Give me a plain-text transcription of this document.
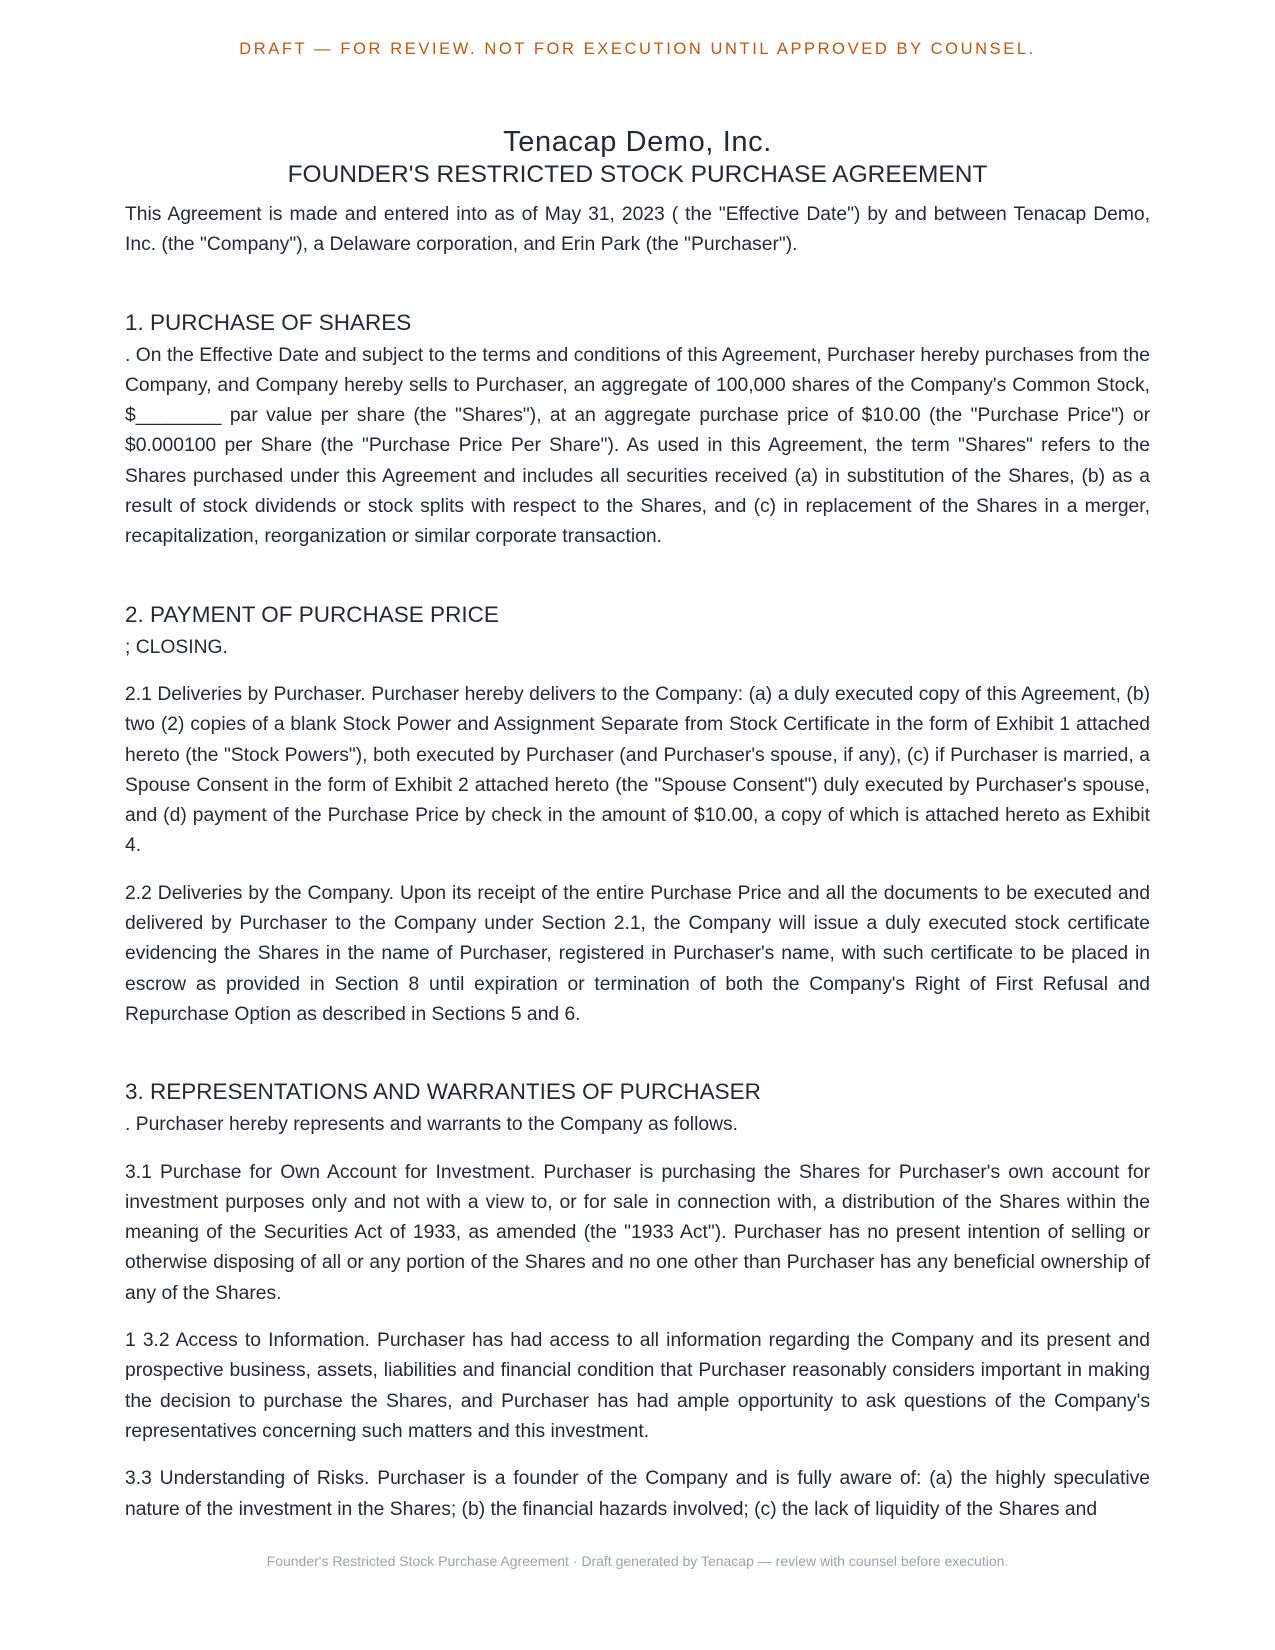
DRAFT — FOR REVIEW. NOT FOR EXECUTION UNTIL APPROVED BY COUNSEL.
Tenacap Demo, Inc.
FOUNDER'S RESTRICTED STOCK PURCHASE AGREEMENT

This Agreement is made and entered into as of May 31, 2023 ( the "Effective Date") by and between Tenacap Demo, Inc. (the "Company"), a Delaware corporation, and Erin Park (the "Purchaser").

1. PURCHASE OF SHARES

. On the Effective Date and subject to the terms and conditions of this Agreement, Purchaser hereby purchases from the Company, and Company hereby sells to Purchaser, an aggregate of 100,000 shares of the Company's Common Stock, $________ par value per share (the "Shares"), at an aggregate purchase price of $10.00 (the "Purchase Price") or $0.000100 per Share (the "Purchase Price Per Share"). As used in this Agreement, the term "Shares" refers to the Shares purchased under this Agreement and includes all securities received (a) in substitution of the Shares, (b) as a result of stock dividends or stock splits with respect to the Shares, and (c) in replacement of the Shares in a merger, recapitalization, reorganization or similar corporate transaction.

2. PAYMENT OF PURCHASE PRICE

; CLOSING.

2.1 Deliveries by Purchaser. Purchaser hereby delivers to the Company: (a) a duly executed copy of this Agreement, (b) two (2) copies of a blank Stock Power and Assignment Separate from Stock Certificate in the form of Exhibit 1 attached hereto (the "Stock Powers"), both executed by Purchaser (and Purchaser's spouse, if any), (c) if Purchaser is married, a Spouse Consent in the form of Exhibit 2 attached hereto (the "Spouse Consent") duly executed by Purchaser's spouse, and (d) payment of the Purchase Price by check in the amount of $10.00, a copy of which is attached hereto as Exhibit 4.

2.2 Deliveries by the Company. Upon its receipt of the entire Purchase Price and all the documents to be executed and delivered by Purchaser to the Company under Section 2.1, the Company will issue a duly executed stock certificate evidencing the Shares in the name of Purchaser, registered in Purchaser's name, with such certificate to be placed in escrow as provided in Section 8 until expiration or termination of both the Company's Right of First Refusal and Repurchase Option as described in Sections 5 and 6.

3. REPRESENTATIONS AND WARRANTIES OF PURCHASER

. Purchaser hereby represents and warrants to the Company as follows.

3.1 Purchase for Own Account for Investment. Purchaser is purchasing the Shares for Purchaser's own account for investment purposes only and not with a view to, or for sale in connection with, a distribution of the Shares within the meaning of the Securities Act of 1933, as amended (the "1933 Act"). Purchaser has no present intention of selling or otherwise disposing of all or any portion of the Shares and no one other than Purchaser has any beneficial ownership of any of the Shares.

1 3.2 Access to Information. Purchaser has had access to all information regarding the Company and its present and prospective business, assets, liabilities and financial condition that Purchaser reasonably considers important in making the decision to purchase the Shares, and Purchaser has had ample opportunity to ask questions of the Company's representatives concerning such matters and this investment.

3.3 Understanding of Risks. Purchaser is a founder of the Company and is fully aware of: (a) the highly speculative nature of the investment in the Shares; (b) the financial hazards involved; (c) the lack of liquidity of the Shares and

Founder's Restricted Stock Purchase Agreement · Draft generated by Tenacap — review with counsel before execution.
